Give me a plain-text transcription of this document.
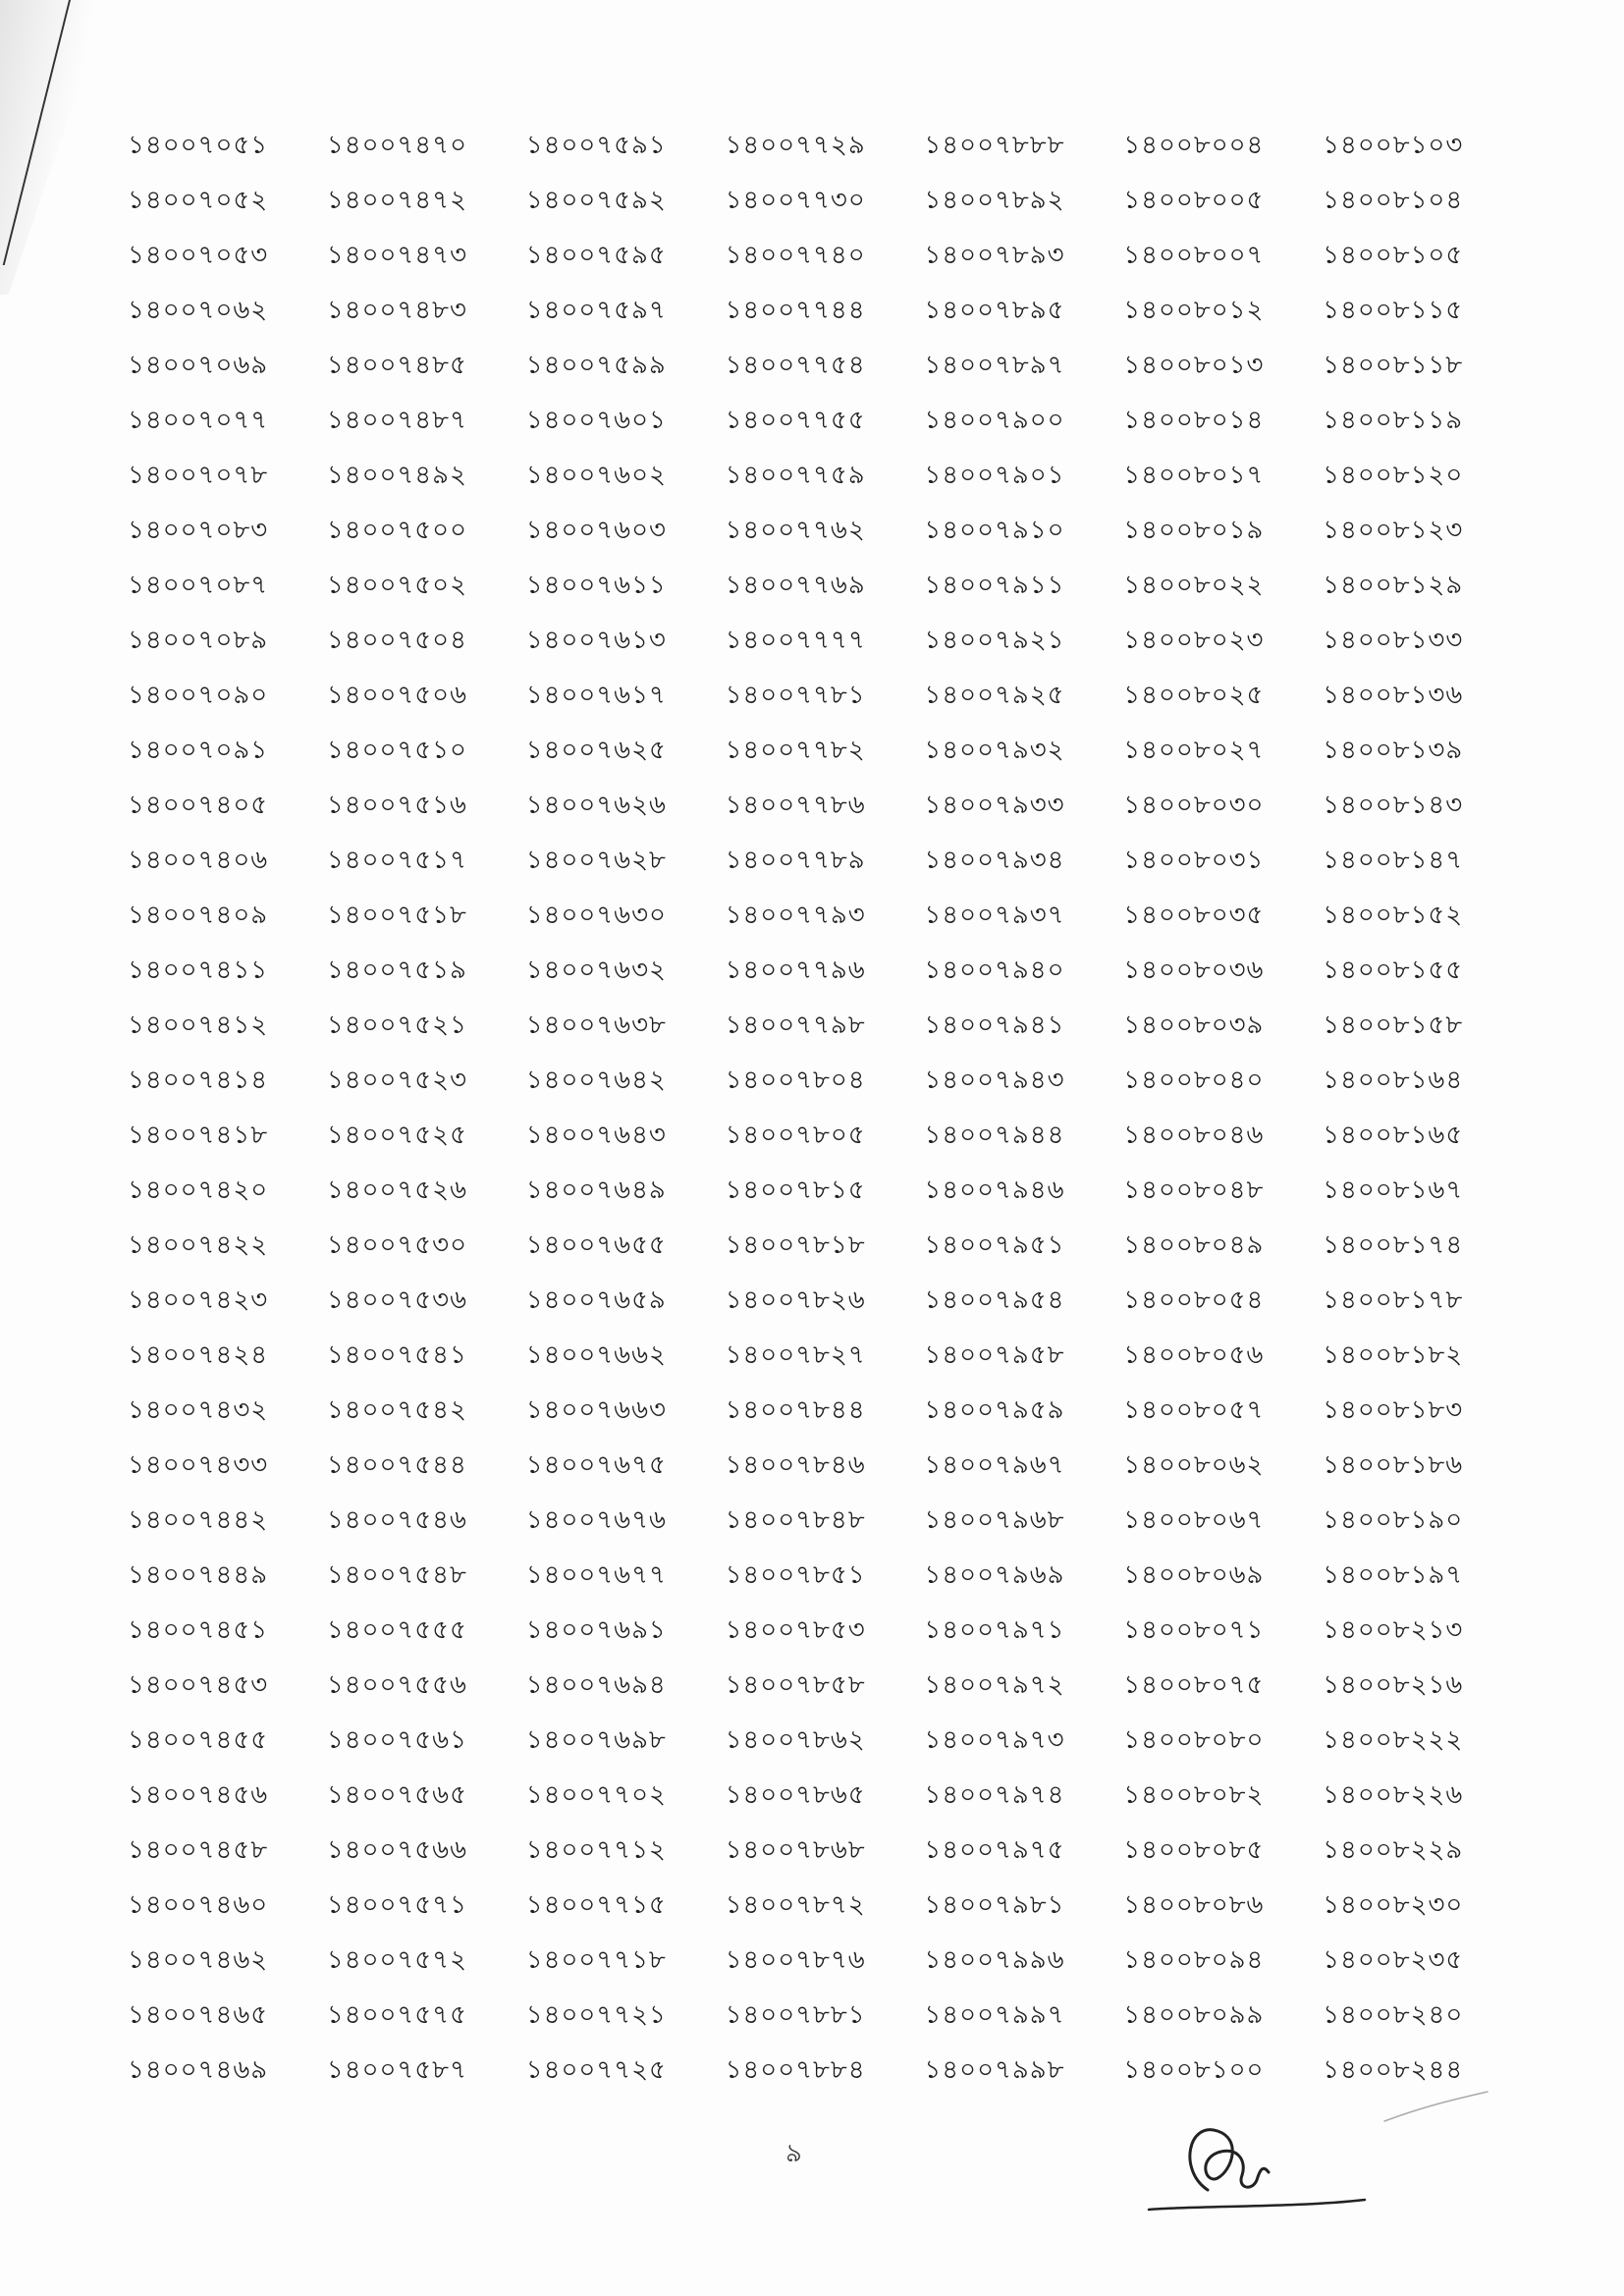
১৪০০৭০৫১	১৪০০৭৪৭০	১৪০০৭৫৯১	১৪০০৭৭২৯	১৪০০৭৮৮৮	১৪০০৮০০৪	১৪০০৮১০৩
১৪০০৭০৫২	১৪০০৭৪৭২	১৪০০৭৫৯২	১৪০০৭৭৩০	১৪০০৭৮৯২	১৪০০৮০০৫	১৪০০৮১০৪
১৪০০৭০৫৩	১৪০০৭৪৭৩	১৪০০৭৫৯৫	১৪০০৭৭৪০	১৪০০৭৮৯৩	১৪০০৮০০৭	১৪০০৮১০৫
১৪০০৭০৬২	১৪০০৭৪৮৩	১৪০০৭৫৯৭	১৪০০৭৭৪৪	১৪০০৭৮৯৫	১৪০০৮০১২	১৪০০৮১১৫
১৪০০৭০৬৯	১৪০০৭৪৮৫	১৪০০৭৫৯৯	১৪০০৭৭৫৪	১৪০০৭৮৯৭	১৪০০৮০১৩	১৪০০৮১১৮
১৪০০৭০৭৭	১৪০০৭৪৮৭	১৪০০৭৬০১	১৪০০৭৭৫৫	১৪০০৭৯০০	১৪০০৮০১৪	১৪০০৮১১৯
১৪০০৭০৭৮	১৪০০৭৪৯২	১৪০০৭৬০২	১৪০০৭৭৫৯	১৪০০৭৯০১	১৪০০৮০১৭	১৪০০৮১২০
১৪০০৭০৮৩	১৪০০৭৫০০	১৪০০৭৬০৩	১৪০০৭৭৬২	১৪০০৭৯১০	১৪০০৮০১৯	১৪০০৮১২৩
১৪০০৭০৮৭	১৪০০৭৫০২	১৪০০৭৬১১	১৪০০৭৭৬৯	১৪০০৭৯১১	১৪০০৮০২২	১৪০০৮১২৯
১৪০০৭০৮৯	১৪০০৭৫০৪	১৪০০৭৬১৩	১৪০০৭৭৭৭	১৪০০৭৯২১	১৪০০৮০২৩	১৪০০৮১৩৩
১৪০০৭০৯০	১৪০০৭৫০৬	১৪০০৭৬১৭	১৪০০৭৭৮১	১৪০০৭৯২৫	১৪০০৮০২৫	১৪০০৮১৩৬
১৪০০৭০৯১	১৪০০৭৫১০	১৪০০৭৬২৫	১৪০০৭৭৮২	১৪০০৭৯৩২	১৪০০৮০২৭	১৪০০৮১৩৯
১৪০০৭৪০৫	১৪০০৭৫১৬	১৪০০৭৬২৬	১৪০০৭৭৮৬	১৪০০৭৯৩৩	১৪০০৮০৩০	১৪০০৮১৪৩
১৪০০৭৪০৬	১৪০০৭৫১৭	১৪০০৭৬২৮	১৪০০৭৭৮৯	১৪০০৭৯৩৪	১৪০০৮০৩১	১৪০০৮১৪৭
১৪০০৭৪০৯	১৪০০৭৫১৮	১৪০০৭৬৩০	১৪০০৭৭৯৩	১৪০০৭৯৩৭	১৪০০৮০৩৫	১৪০০৮১৫২
১৪০০৭৪১১	১৪০০৭৫১৯	১৪০০৭৬৩২	১৪০০৭৭৯৬	১৪০০৭৯৪০	১৪০০৮০৩৬	১৪০০৮১৫৫
১৪০০৭৪১২	১৪০০৭৫২১	১৪০০৭৬৩৮	১৪০০৭৭৯৮	১৪০০৭৯৪১	১৪০০৮০৩৯	১৪০০৮১৫৮
১৪০০৭৪১৪	১৪০০৭৫২৩	১৪০০৭৬৪২	১৪০০৭৮০৪	১৪০০৭৯৪৩	১৪০০৮০৪০	১৪০০৮১৬৪
১৪০০৭৪১৮	১৪০০৭৫২৫	১৪০০৭৬৪৩	১৪০০৭৮০৫	১৪০০৭৯৪৪	১৪০০৮০৪৬	১৪০০৮১৬৫
১৪০০৭৪২০	১৪০০৭৫২৬	১৪০০৭৬৪৯	১৪০০৭৮১৫	১৪০০৭৯৪৬	১৪০০৮০৪৮	১৪০০৮১৬৭
১৪০০৭৪২২	১৪০০৭৫৩০	১৪০০৭৬৫৫	১৪০০৭৮১৮	১৪০০৭৯৫১	১৪০০৮০৪৯	১৪০০৮১৭৪
১৪০০৭৪২৩	১৪০০৭৫৩৬	১৪০০৭৬৫৯	১৪০০৭৮২৬	১৪০০৭৯৫৪	১৪০০৮০৫৪	১৪০০৮১৭৮
১৪০০৭৪২৪	১৪০০৭৫৪১	১৪০০৭৬৬২	১৪০০৭৮২৭	১৪০০৭৯৫৮	১৪০০৮০৫৬	১৪০০৮১৮২
১৪০০৭৪৩২	১৪০০৭৫৪২	১৪০০৭৬৬৩	১৪০০৭৮৪৪	১৪০০৭৯৫৯	১৪০০৮০৫৭	১৪০০৮১৮৩
১৪০০৭৪৩৩	১৪০০৭৫৪৪	১৪০০৭৬৭৫	১৪০০৭৮৪৬	১৪০০৭৯৬৭	১৪০০৮০৬২	১৪০০৮১৮৬
১৪০০৭৪৪২	১৪০০৭৫৪৬	১৪০০৭৬৭৬	১৪০০৭৮৪৮	১৪০০৭৯৬৮	১৪০০৮০৬৭	১৪০০৮১৯০
১৪০০৭৪৪৯	১৪০০৭৫৪৮	১৪০০৭৬৭৭	১৪০০৭৮৫১	১৪০০৭৯৬৯	১৪০০৮০৬৯	১৪০০৮১৯৭
১৪০০৭৪৫১	১৪০০৭৫৫৫	১৪০০৭৬৯১	১৪০০৭৮৫৩	১৪০০৭৯৭১	১৪০০৮০৭১	১৪০০৮২১৩
১৪০০৭৪৫৩	১৪০০৭৫৫৬	১৪০০৭৬৯৪	১৪০০৭৮৫৮	১৪০০৭৯৭২	১৪০০৮০৭৫	১৪০০৮২১৬
১৪০০৭৪৫৫	১৪০০৭৫৬১	১৪০০৭৬৯৮	১৪০০৭৮৬২	১৪০০৭৯৭৩	১৪০০৮০৮০	১৪০০৮২২২
১৪০০৭৪৫৬	১৪০০৭৫৬৫	১৪০০৭৭০২	১৪০০৭৮৬৫	১৪০০৭৯৭৪	১৪০০৮০৮২	১৪০০৮২২৬
১৪০০৭৪৫৮	১৪০০৭৫৬৬	১৪০০৭৭১২	১৪০০৭৮৬৮	১৪০০৭৯৭৫	১৪০০৮০৮৫	১৪০০৮২২৯
১৪০০৭৪৬০	১৪০০৭৫৭১	১৪০০৭৭১৫	১৪০০৭৮৭২	১৪০০৭৯৮১	১৪০০৮০৮৬	১৪০০৮২৩০
১৪০০৭৪৬২	১৪০০৭৫৭২	১৪০০৭৭১৮	১৪০০৭৮৭৬	১৪০০৭৯৯৬	১৪০০৮০৯৪	১৪০০৮২৩৫
১৪০০৭৪৬৫	১৪০০৭৫৭৫	১৪০০৭৭২১	১৪০০৭৮৮১	১৪০০৭৯৯৭	১৪০০৮০৯৯	১৪০০৮২৪০
১৪০০৭৪৬৯	১৪০০৭৫৮৭	১৪০০৭৭২৫	১৪০০৭৮৮৪	১৪০০৭৯৯৮	১৪০০৮১০০	১৪০০৮২৪৪
৯
